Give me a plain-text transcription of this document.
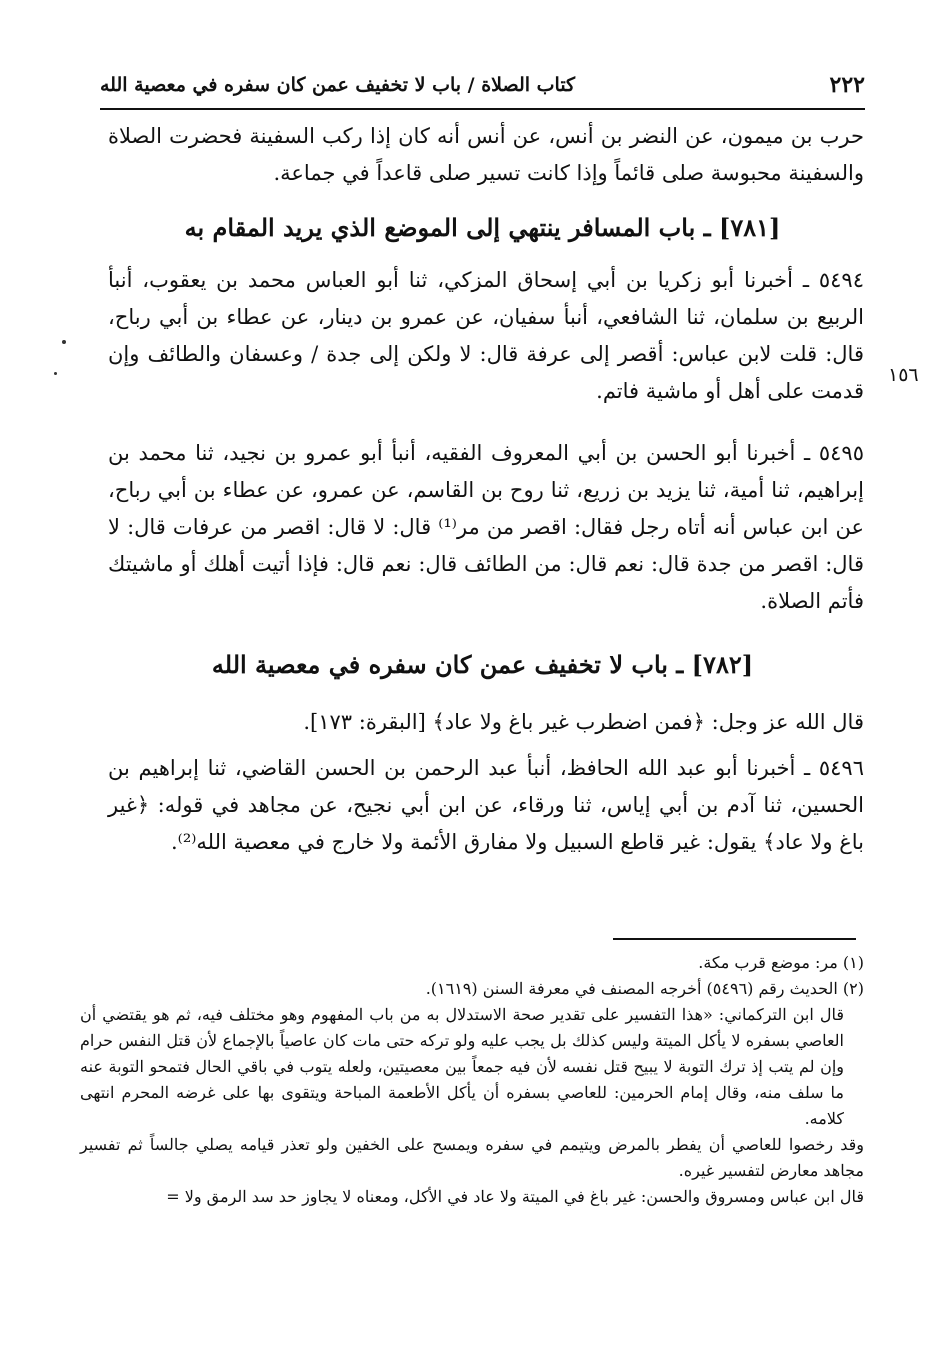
٢٢٢
كتاب الصلاة / باب لا تخفيف عمن كان سفره في معصية الله

حرب بن ميمون، عن النضر بن أنس، عن أنس أنه كان إذا ركب السفينة فحضرت الصلاة والسفينة محبوسة صلى قائماً وإذا كانت تسير صلى قاعداً في جماعة.

[٧٨١] ـ باب المسافر ينتهي إلى الموضع الذي يريد المقام به

٥٤٩٤ ـ أخبرنا أبو زكريا بن أبي إسحاق المزكي، ثنا أبو العباس محمد بن يعقوب، أنبأ الربيع بن سلمان، ثنا الشافعي، أنبأ سفيان، عن عمرو بن دينار، عن عطاء بن أبي رباح، قال: قلت لابن عباس: أقصر إلى عرفة قال: لا ولكن إلى جدة / وعسفان والطائف وإن قدمت على أهل أو ماشية فاتم.

١٥٦

٥٤٩٥ ـ أخبرنا أبو الحسن بن أبي المعروف الفقيه، أنبأ أبو عمرو بن نجيد، ثنا محمد بن إبراهيم، ثنا أمية، ثنا يزيد بن زريع، ثنا روح بن القاسم، عن عمرو، عن عطاء بن أبي رباح، عن ابن عباس أنه أتاه رجل فقال: اقصر من مر⁽¹⁾ قال: لا قال: اقصر من عرفات قال: لا قال: اقصر من جدة قال: نعم قال: من الطائف قال: نعم قال: فإذا أتيت أهلك أو ماشيتك فأتم الصلاة.

[٧٨٢] ـ باب لا تخفيف عمن كان سفره في معصية الله

قال الله عز وجل: ﴿فمن اضطرب غير باغ ولا عاد﴾ [البقرة: ١٧٣].

٥٤٩٦ ـ أخبرنا أبو عبد الله الحافظ، أنبأ عبد الرحمن بن الحسن القاضي، ثنا إبراهيم بن الحسين، ثنا آدم بن أبي إياس، ثنا ورقاء، عن ابن أبي نجيح، عن مجاهد في قوله: ﴿غير باغ ولا عاد﴾ يقول: غير قاطع السبيل ولا مفارق الأئمة ولا خارج في معصية الله⁽²⁾.

(١) مر: موضع قرب مكة.

(٢) الحديث رقم (٥٤٩٦) أخرجه المصنف في معرفة السنن (١٦١٩).

قال ابن التركماني: «هذا التفسير على تقدير صحة الاستدلال به من باب المفهوم وهو مختلف فيه، ثم هو يقتضي أن العاصي بسفره لا يأكل الميتة وليس كذلك بل يجب عليه ولو تركه حتى مات كان عاصياً بالإجماع لأن قتل النفس حرام وإن لم يتب إذ ترك التوبة لا يبيح قتل نفسه لأن فيه جمعاً بين معصيتين، ولعله يتوب في باقي الحال فتمحو التوبة عنه ما سلف منه، وقال إمام الحرمين: للعاصي بسفره أن يأكل الأطعمة المباحة ويتقوى بها على غرضه المحرم انتهى كلامه.

وقد رخصوا للعاصي أن يفطر بالمرض ويتيمم في سفره ويمسح على الخفين ولو تعذر قيامه يصلي جالساً ثم تفسير مجاهد معارض لتفسير غيره.

قال ابن عباس ومسروق والحسن: غير باغ في الميتة ولا عاد في الأكل، ومعناه لا يجاوز حد سد الرمق ولا =
